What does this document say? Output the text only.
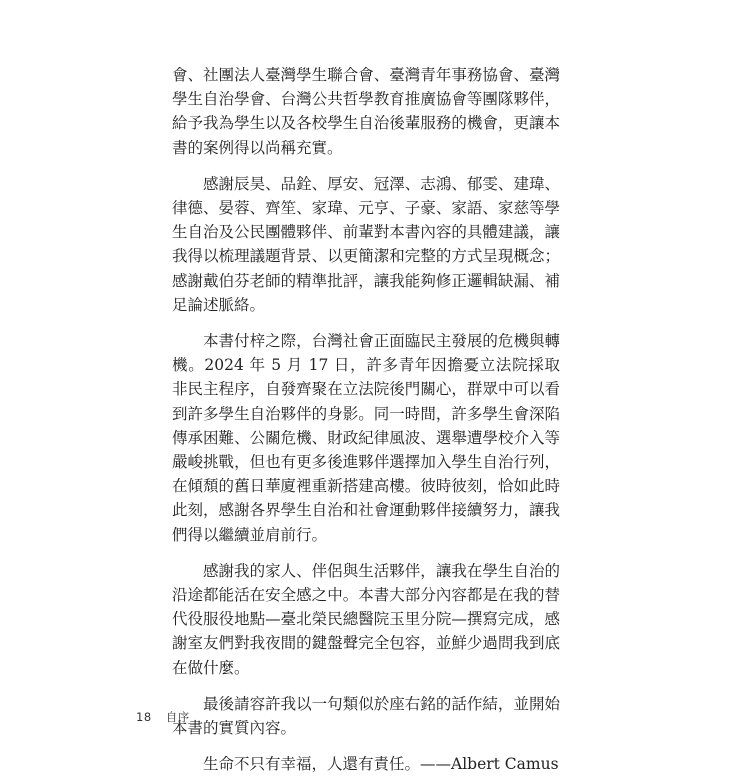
會、社團法人臺灣學生聯合會、臺灣青年事務協會、臺灣學生自治學會、台灣公共哲學教育推廣協會等團隊夥伴，給予我為學生以及各校學生自治後輩服務的機會，更讓本書的案例得以尚稱充實。

感謝辰昊、品銓、厚安、冠澤、志鴻、郁雯、建瑋、律德、晏蓉、齊笙、家瑋、元亨、子豪、家語、家慈等學生自治及公民團體夥伴、前輩對本書內容的具體建議，讓我得以梳理議題背景、以更簡潔和完整的方式呈現概念；感謝戴伯芬老師的精準批評，讓我能夠修正邏輯缺漏、補足論述脈絡。

本書付梓之際，台灣社會正面臨民主發展的危機與轉機。2024 年 5 月 17 日，許多青年因擔憂立法院採取非民主程序，自發齊聚在立法院後門關心，群眾中可以看到許多學生自治夥伴的身影。同一時間，許多學生會深陷傳承困難、公關危機、財政紀律風波、選舉遭學校介入等嚴峻挑戰，但也有更多後進夥伴選擇加入學生自治行列，在傾頹的舊日華廈裡重新搭建高樓。彼時彼刻，恰如此時此刻，感謝各界學生自治和社會運動夥伴接續努力，讓我們得以繼續並肩前行。

感謝我的家人、伴侶與生活夥伴，讓我在學生自治的沿途都能活在安全感之中。本書大部分內容都是在我的替代役服役地點—臺北榮民總醫院玉里分院—撰寫完成，感謝室友們對我夜間的鍵盤聲完全包容，並鮮少過問我到底在做什麼。

最後請容許我以一句類似於座右銘的話作結，並開始本書的實質內容。

生命不只有幸福，人還有責任。——Albert Camus

18 自序
